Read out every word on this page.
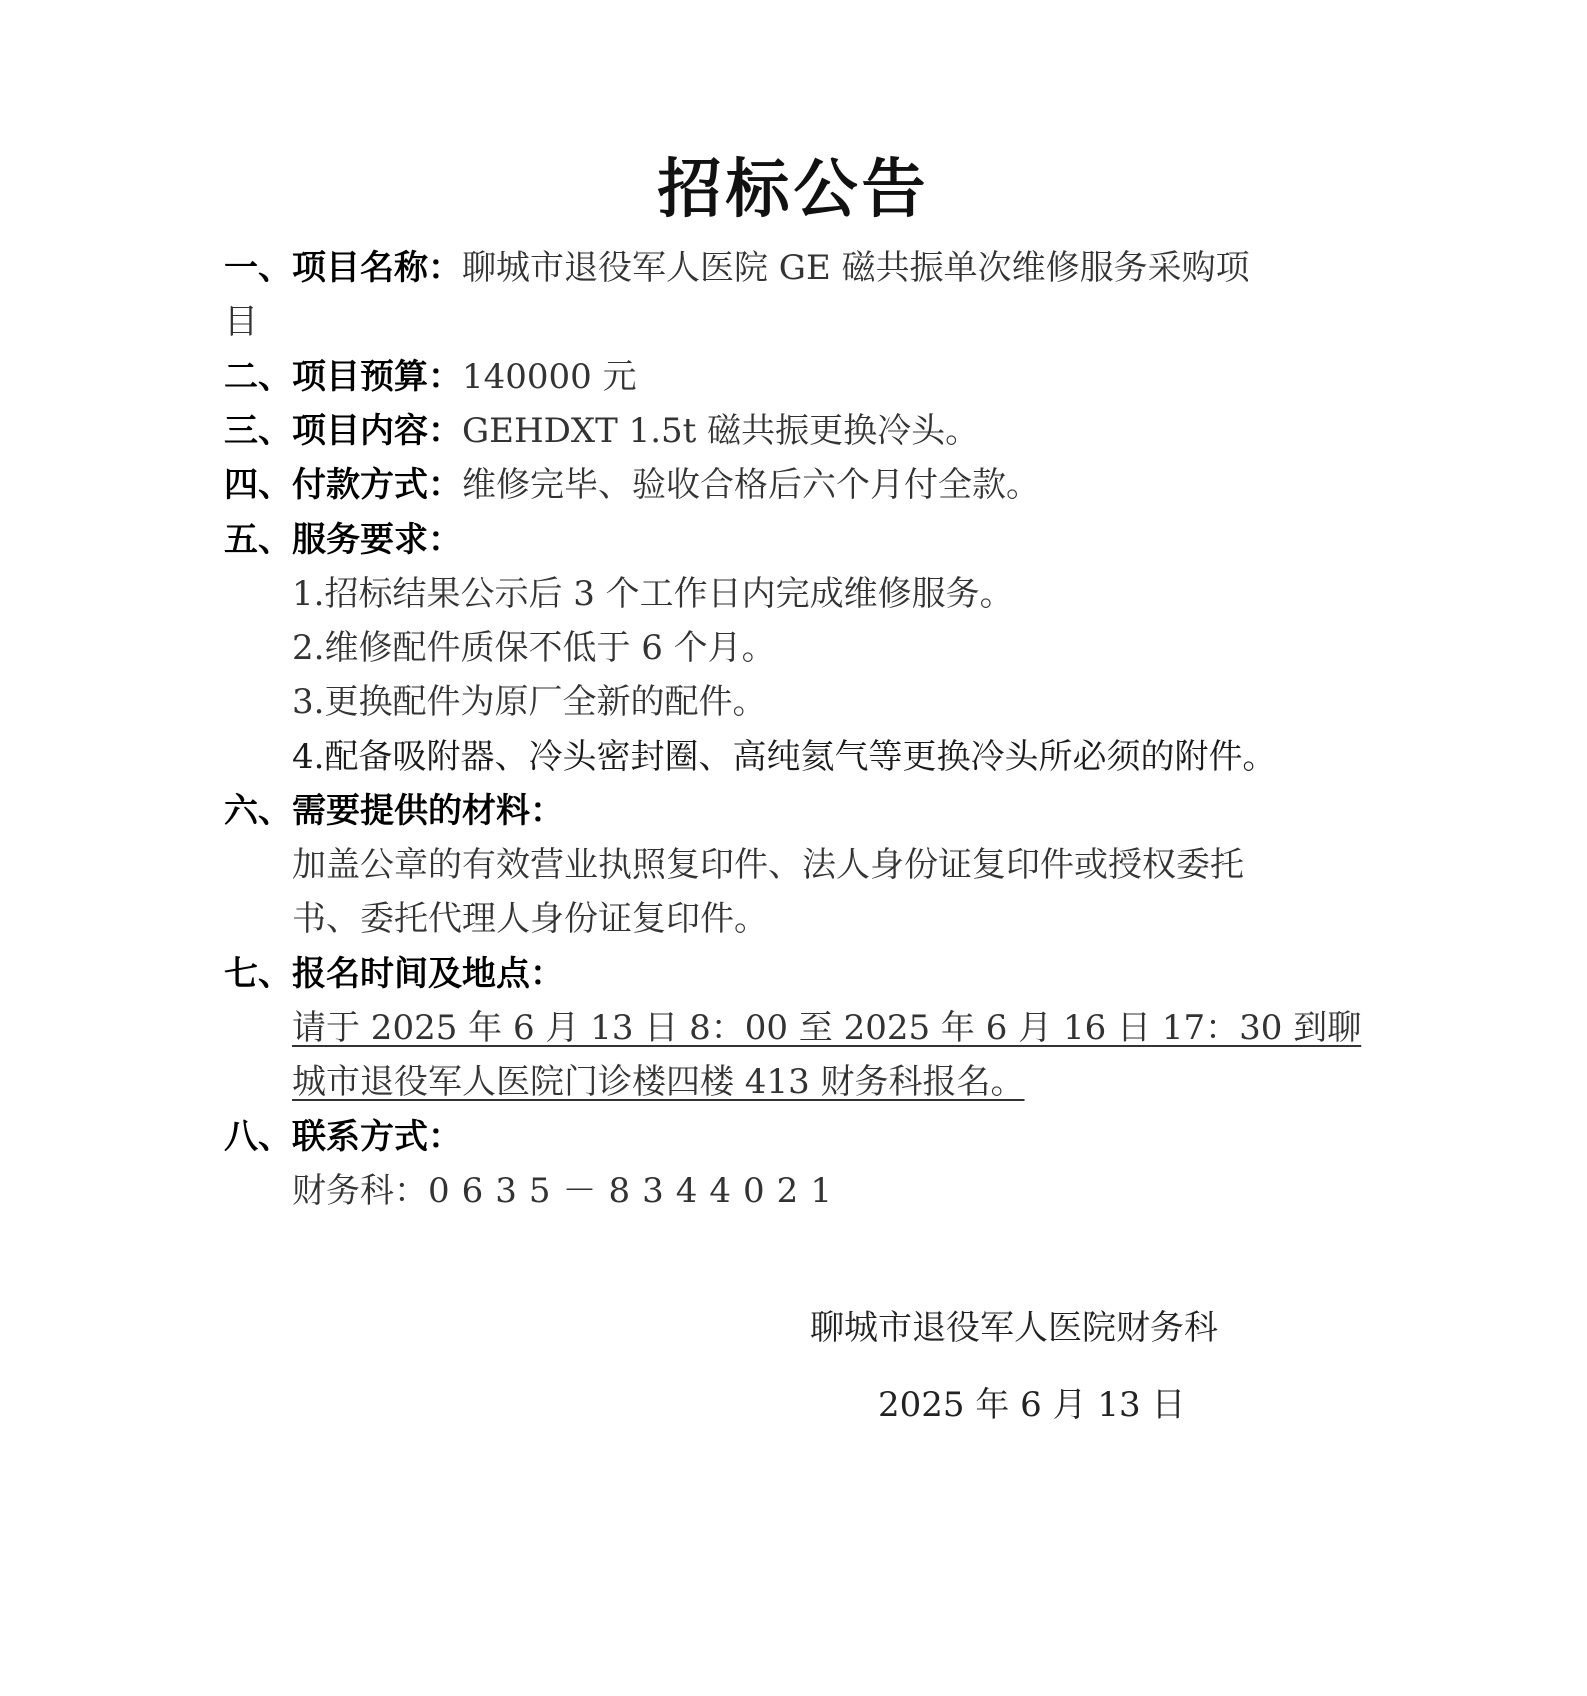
招标公告
一、项目名称：聊城市退役军人医院 GE 磁共振单次维修服务采购项
目
二、项目预算：140000 元
三、项目内容：GEHDXT 1.5t 磁共振更换冷头。
四、付款方式：维修完毕、验收合格后六个月付全款。
五、服务要求：
1.招标结果公示后 3 个工作日内完成维修服务。
2.维修配件质保不低于 6 个月。
3.更换配件为原厂全新的配件。
4.配备吸附器、冷头密封圈、高纯氦气等更换冷头所必须的附件。
六、需要提供的材料：
加盖公章的有效营业执照复印件、法人身份证复印件或授权委托
书、委托代理人身份证复印件。
七、报名时间及地点：
请于 2025 年 6 月 13 日 8：00 至 2025 年 6 月 16 日 17：30 到聊
城市退役军人医院门诊楼四楼 413 财务科报名。
八、联系方式：
财务科：0635－8344021
聊城市退役军人医院财务科
2025 年 6 月 13 日
